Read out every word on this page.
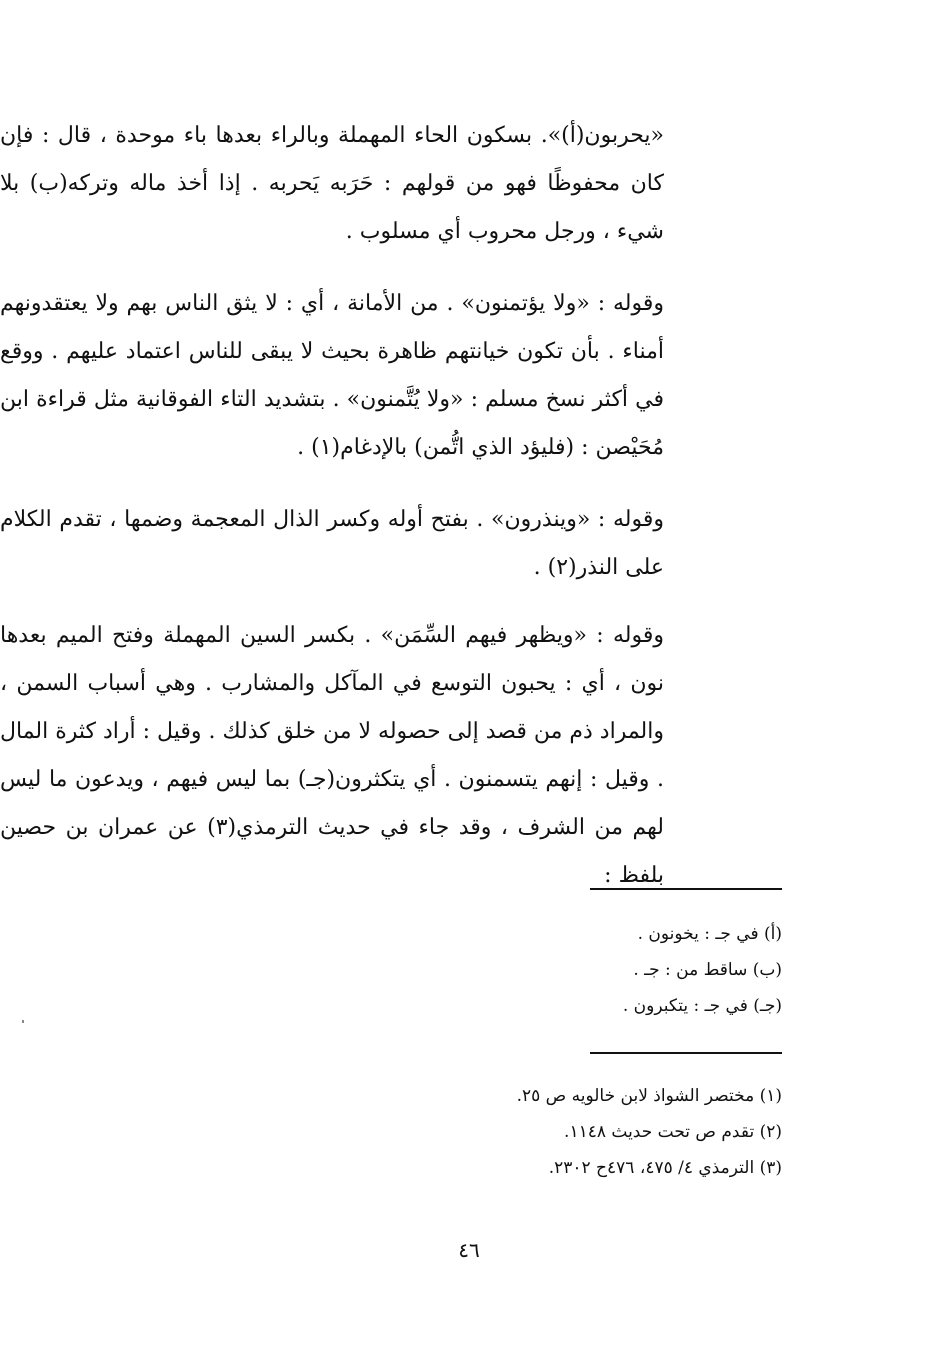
«يحربون(أ)». بسكون الحاء المهملة وبالراء بعدها باء موحدة ، قال : فإن كان محفوظًا فهو من قولهم : حَرَبه يَحربه . إذا أخذ ماله وتركه(ب) بلا شيء ، ورجل محروب أي مسلوب .

وقوله : «ولا يؤتمنون» . من الأمانة ، أي : لا يثق الناس بهم ولا يعتقدونهم أمناء . بأن تكون خيانتهم ظاهرة بحيث لا يبقى للناس اعتماد عليهم . ووقع في أكثر نسخ مسلم : «ولا يُتَّمنون» . بتشديد التاء الفوقانية مثل قراءة ابن مُحَيْصن : (فليؤد الذي اتُّمن) بالإدغام(١) .

وقوله : «وينذرون» . بفتح أوله وكسر الذال المعجمة وضمها ، تقدم الكلام على النذر(٢) .

وقوله : «ويظهر فيهم السِّمَن» . بكسر السين المهملة وفتح الميم بعدها نون ، أي : يحبون التوسع في المآكل والمشارب . وهي أسباب السمن ، والمراد ذم من قصد إلى حصوله لا من خلق كذلك . وقيل : أراد كثرة المال . وقيل : إنهم يتسمنون . أي يتكثرون(جـ) بما ليس فيهم ، ويدعون ما ليس لهم من الشرف ، وقد جاء في حديث الترمذي(٣) عن عمران بن حصين بلفظ :

(أ) في جـ : يخونون .
(ب) ساقط من : جـ .
(جـ) في جـ : يتكبرون .
(١) مختصر الشواذ لابن خالويه ص ٢٥.
(٢) تقدم ص تحت حديث ١١٤٨.
(٣) الترمذي ٤/ ٤٧٥، ٤٧٦ح ٢٣٠٢.
٤٦
